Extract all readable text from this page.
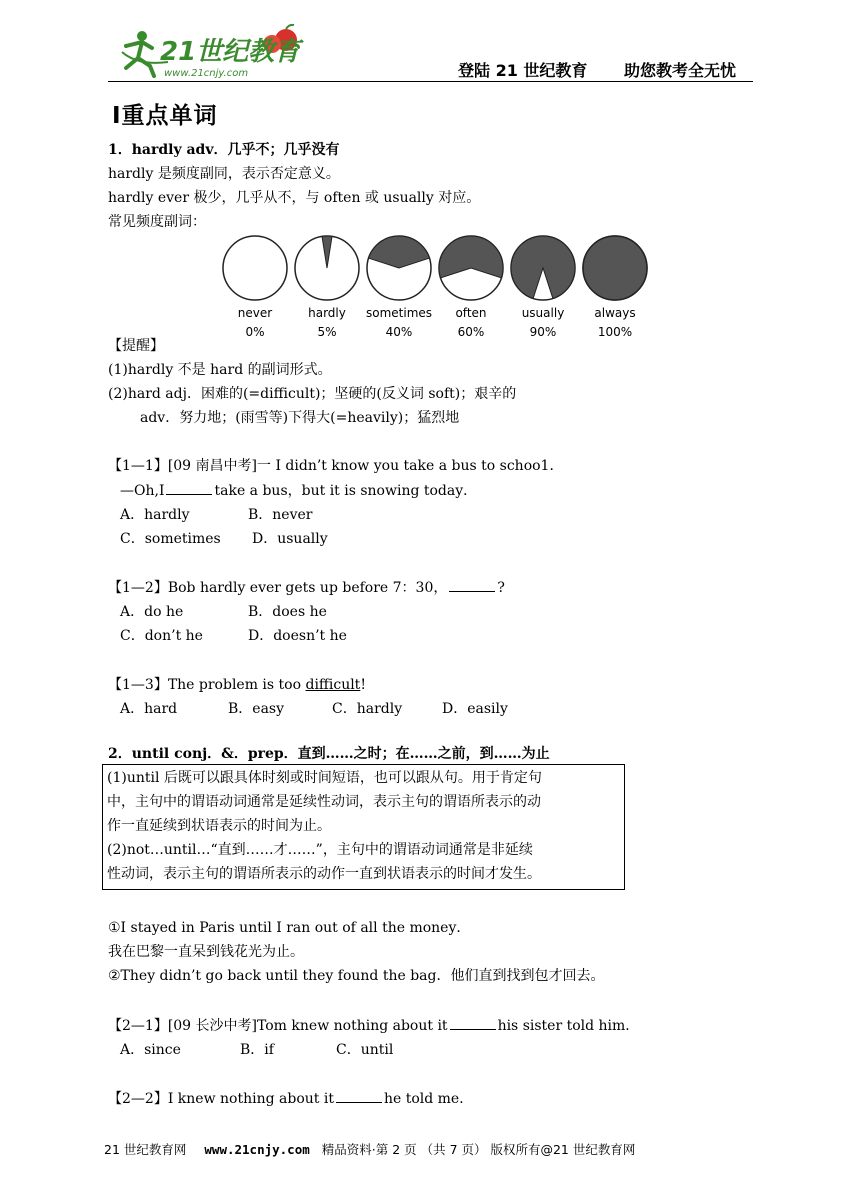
21世纪教育
www.21cnjy.com	登陆 21 世纪教育 助您教考全无忧
Ⅰ重点单词
1．hardly adv．几乎不；几乎没有
hardly 是频度副同，表示否定意义。
hardly ever 极少，几乎从不，与 often 或 usually 对应。
常见频度副词：
never
0%
hardly
5%
sometimes
40%
often
60%
usually
90%
always
100%
【提醒】
(1)hardly 不是 hard 的副词形式。
(2)hard adj．困难的(=difficult)；坚硬的(反义词 soft)；艰辛的
adv．努力地；(雨雪等)下得大(=heavily)；猛烈地
【1—1】[09 南昌中考]一 I didn’t know you take a bus to schoo1．
—Oh,I	take a bus，but it is snowing today．
A．hardly	B．never
C．sometimes D．usually
【1—2】Bob hardly ever gets up before 7：30，	?
A．do he	B．does he
C．don’t he	D．doesn’t he
【1—3】The problem is too difficult!
A．hard	B．easy	C．hardly	D．easily
2．until conj．&．prep．直到……之时；在……之前，到……为止
(1)until 后既可以跟具体时刻或时间短语，也可以跟从句。用于肯定句
中，主句中的谓语动词通常是延续性动词，表示主句的谓语所表示的动
作一直延续到状语表示的时间为止。
(2)not…until…“直到……才……”，主句中的谓语动词通常是非延续
性动词，表示主句的谓语所表示的动作一直到状语表示的时间才发生。
①I stayed in Paris until I ran out of all the money．
我在巴黎一直呆到钱花光为止。
②They didn’t go back until they found the bag．他们直到找到包才回去。
【2—1】[09 长沙中考]Tom knew nothing about it	his sister told him．
A．since	B．if	C．until
【2—2】I knew nothing about it	he told me．
21 世纪教育网 www.21cnjy.com 精品资料·第 2 页 （共 7 页） 版权所有@21 世纪教育网
